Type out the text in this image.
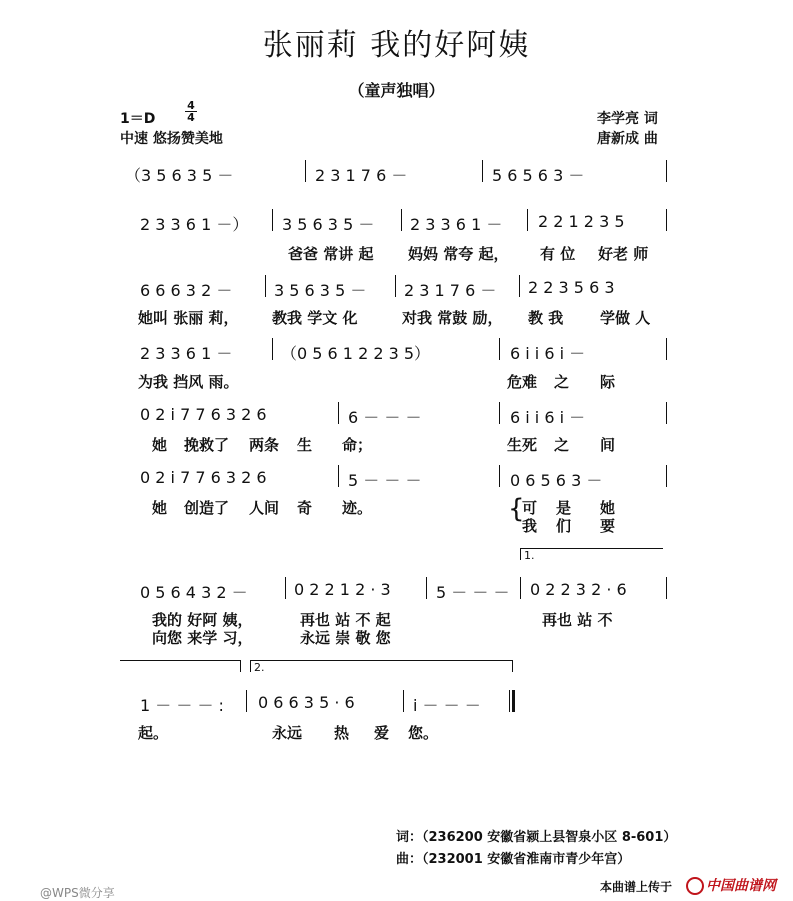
张丽莉 我的好阿姨
（童声独唱）
1＝D
4
4
中速 悠扬赞美地
李学亮 词
唐新成 曲
（3 5 6 3 5 －	2 3 1 7 6 －	5 6 5 6 3 －
2 3 3 6 1 －） 3 5 6 3 5 － 2 3 3 6 1 － 2 2 1 2 3 5
爸爸 常讲 起 妈妈 常夸 起， 有 位 好老 师
6 6 6 3 2 －	3 5 6 3 5 － 2 3 1 7 6 － 2 2 3 5 6 3
她叫 张丽 莉， 教我 学文 化	对我 常鼓 励， 教 我 学做 人
2 3 3 6 1 －	（0 5 6 1 2 2 3 5）	6 i i 6 i －
为我 挡风 雨。	危难 之 际
0 2 i 7 7 6 3 2 6	6 － － －	6 i i 6 i －
她 挽救了 两条 生 命；	生死 之 间
0 2 i 7 7 6 3 2 6	5 － － －	0 6 5 6 3 －
她 创造了 人间 奇 迹。	{
可 是 她
我 们 要
1.
0 5 6 4 3 2 －	0 2 2 1 2 · 3	5 － － － 0 2 2 3 2 · 6
我的 好阿 姨，	再也 站 不 起	再也 站 不
向您 来学 习，	永远 崇 敬 您
2.
1 － － － : 0 6 6 3 5 · 6	i － － －
起。	永远 热 爱 您。
词：（236200 安徽省颍上县智泉小区 8-601）
曲：（232001 安徽省淮南市青少年宫）
@WPS微分享	本曲谱上传于	中国曲谱网
